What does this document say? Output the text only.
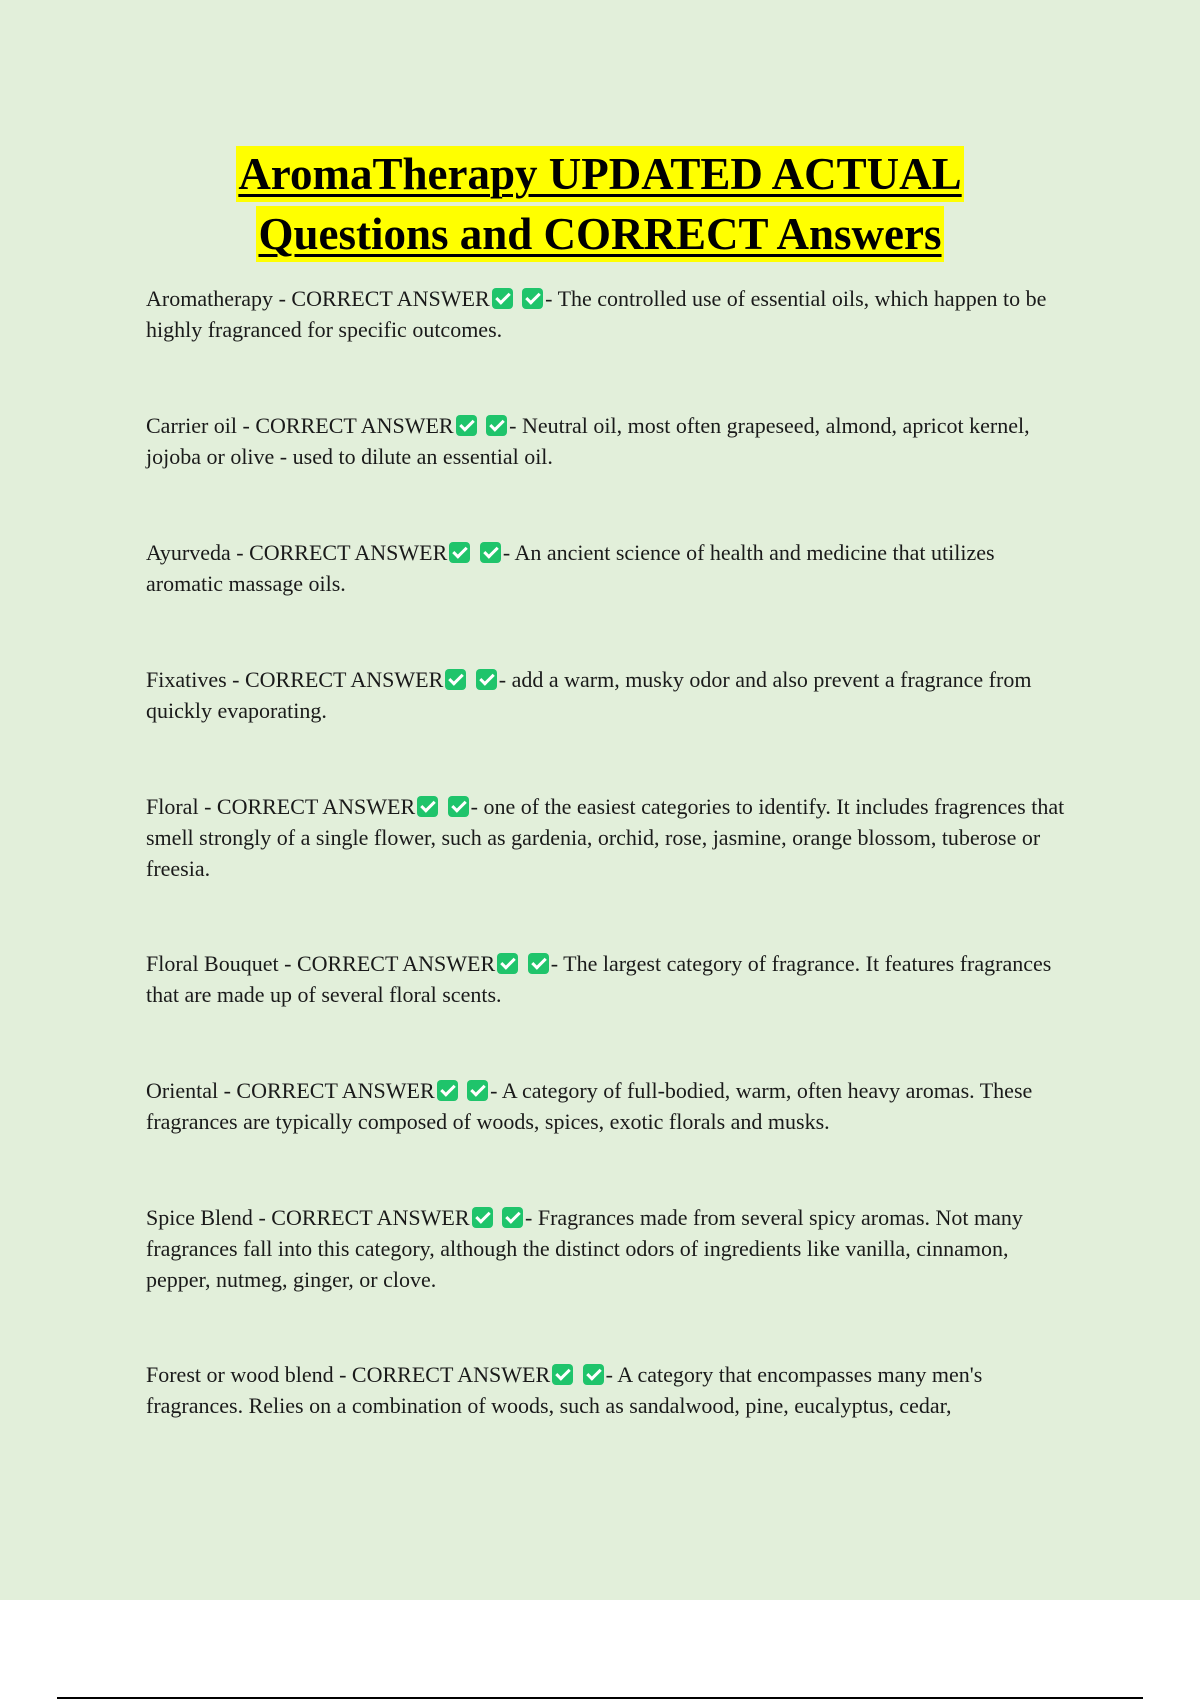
AromaTherapy UPDATED ACTUAL
Questions and CORRECT Answers
Aromatherapy - CORRECT ANSWER	- The controlled use of essential oils, which happen to be highly fragranced for specific outcomes.
Carrier oil - CORRECT ANSWER	- Neutral oil, most often grapeseed, almond, apricot kernel, jojoba or olive - used to dilute an essential oil.
Ayurveda - CORRECT ANSWER	- An ancient science of health and medicine that utilizes aromatic massage oils.
Fixatives - CORRECT ANSWER	- add a warm, musky odor and also prevent a fragrance from quickly evaporating.
Floral - CORRECT ANSWER	- one of the easiest categories to identify. It includes fragrences that smell strongly of a single flower, such as gardenia, orchid, rose, jasmine, orange blossom, tuberose or freesia.
Floral Bouquet - CORRECT ANSWER	- The largest category of fragrance. It features fragrances that are made up of several floral scents.
Oriental - CORRECT ANSWER	- A category of full-bodied, warm, often heavy aromas. These fragrances are typically composed of woods, spices, exotic florals and musks.
Spice Blend - CORRECT ANSWER	- Fragrances made from several spicy aromas. Not many fragrances fall into this category, although the distinct odors of ingredients like vanilla, cinnamon, pepper, nutmeg, ginger, or clove.
Forest or wood blend - CORRECT ANSWER	- A category that encompasses many men's fragrances. Relies on a combination of woods, such as sandalwood, pine, eucalyptus, cedar,
